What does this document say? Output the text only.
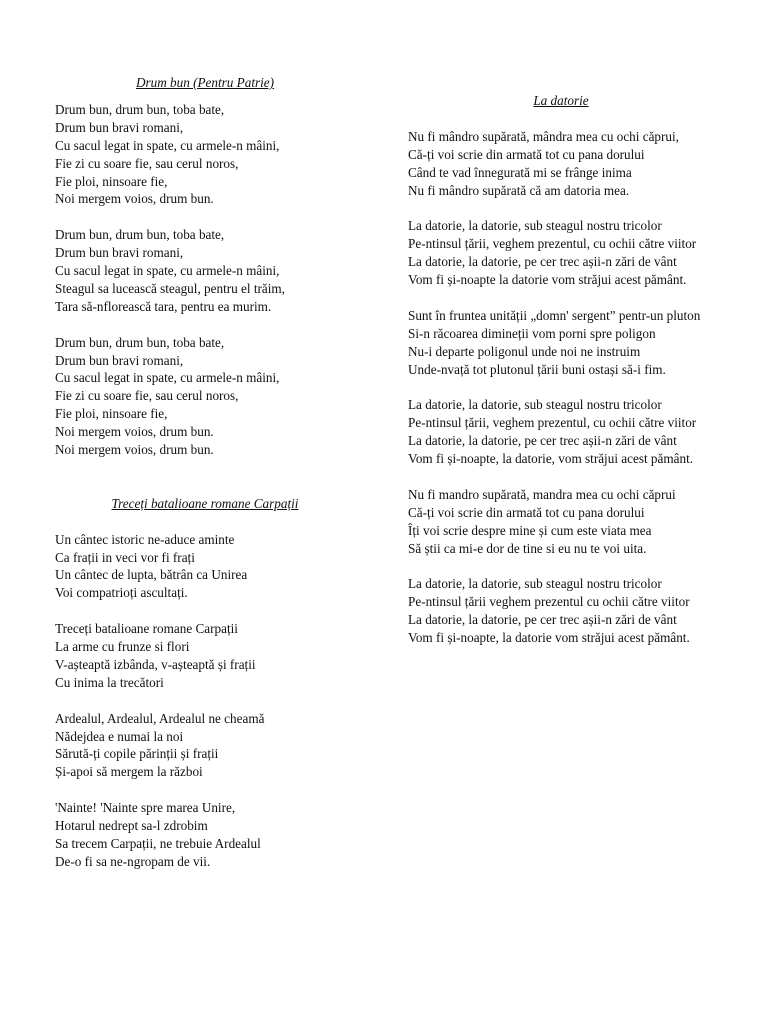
Drum bun (Pentru Patrie)

Drum bun, drum bun, toba bate,

Drum bun bravi romani,

Cu sacul legat in spate, cu armele-n mâini,

Fie zi cu soare fie, sau cerul noros,

Fie ploi, ninsoare fie,

Noi mergem voios, drum bun.

Drum bun, drum bun, toba bate,

Drum bun bravi romani,

Cu sacul legat in spate, cu armele-n mâini,

Steagul sa lucească steagul, pentru el trăim,

Tara să-nflorească tara, pentru ea murim.

Drum bun, drum bun, toba bate,

Drum bun bravi romani,

Cu sacul legat in spate, cu armele-n mâini,

Fie zi cu soare fie, sau cerul noros,

Fie ploi, ninsoare fie,

Noi mergem voios, drum bun.

Noi mergem voios, drum bun.

Treceți batalioane romane Carpații

Un cântec istoric ne-aduce aminte

Ca frații in veci vor fi frați

Un cântec de lupta, bătrân ca Unirea

Voi compatrioți ascultați.

Treceți batalioane romane Carpații

La arme cu frunze si flori

V-așteaptă izbânda, v-așteaptă și frații

Cu inima la trecători

Ardealul, Ardealul, Ardealul ne cheamă

Nădejdea e numai la noi

Sărută-ți copile părinții și frații

Și-apoi să mergem la război

'Nainte! 'Nainte spre marea Unire,

Hotarul nedrept sa-l zdrobim

Sa trecem Carpații, ne trebuie Ardealul

De-o fi sa ne-ngropam de vii.

La datorie

Nu fi mândro supărată, mândra mea cu ochi căprui,

Că-ți voi scrie din armată tot cu pana dorului

Când te vad înnegurată mi se frânge inima

Nu fi mândro supărată că am datoria mea.

La datorie, la datorie, sub steagul nostru tricolor

Pe-ntinsul țării, veghem prezentul, cu ochii către viitor

La datorie, la datorie, pe cer trec așii-n zări de vânt

Vom fi și-noapte la datorie vom străjui acest pământ.

Sunt în fruntea unității „domn' sergent” pentr-un pluton

Si-n răcoarea dimineții vom porni spre poligon

Nu-i departe poligonul unde noi ne instruim

Unde-nvață tot plutonul țării buni ostași să-i fim.

La datorie, la datorie, sub steagul nostru tricolor

Pe-ntinsul țării, veghem prezentul, cu ochii către viitor

La datorie, la datorie, pe cer trec așii-n zări de vânt

Vom fi și-noapte, la datorie, vom străjui acest pământ.

Nu fi mandro supărată, mandra mea cu ochi căprui

Că-ți voi scrie din armată tot cu pana dorului

Îți voi scrie despre mine și cum este viata mea

Să știi ca mi-e dor de tine si eu nu te voi uita.

La datorie, la datorie, sub steagul nostru tricolor

Pe-ntinsul țării veghem prezentul cu ochii către viitor

La datorie, la datorie, pe cer trec așii-n zări de vânt

Vom fi și-noapte, la datorie vom străjui acest pământ.
